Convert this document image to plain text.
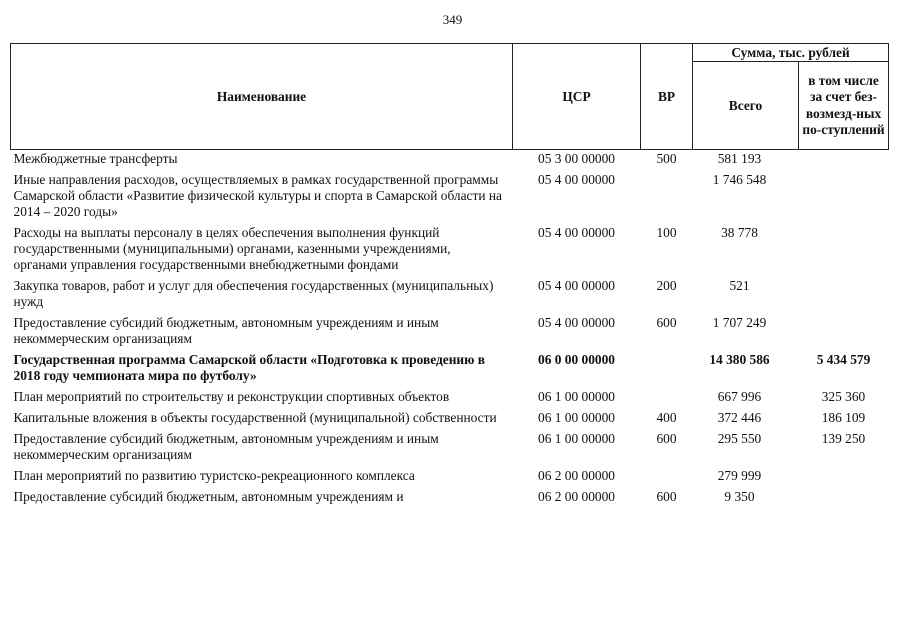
349
Наименование	ЦСР	ВР	Сумма, тыс. рублей	
			Всего	в том числе за счет без-возмезд-ных по-ступлений
Межбюджетные трансферты	05 3 00 00000	500	581 193	
Иные направления расходов, осуществляемых в рамках государственной программы Самарской области «Развитие физической культуры и спорта в Самарской области на 2014 – 2020 годы»	05 4 00 00000		1 746 548	
Расходы на выплаты персоналу в целях обеспечения выполнения функций государственными (муниципальными) органами, казенными учреждениями, органами управления государственными внебюджетными фондами	05 4 00 00000	100	38 778	
Закупка товаров, работ и услуг для обеспечения государственных (муниципальных) нужд	05 4 00 00000	200	521	
Предоставление субсидий бюджетным, автономным учреждениям и иным некоммерческим организациям	05 4 00 00000	600	1 707 249	
Государственная программа Самарской области «Подготовка к проведению в 2018 году чемпионата мира по футболу»	06 0 00 00000		14 380 586	5 434 579
План мероприятий по строительству и реконструкции спортивных объектов	06 1 00 00000		667 996	325 360
Капитальные вложения в объекты государственной (муниципальной) собственности	06 1 00 00000	400	372 446	186 109
Предоставление субсидий бюджетным, автономным учреждениям и иным некоммерческим организациям	06 1 00 00000	600	295 550	139 250
План мероприятий по развитию туристско-рекреационного комплекса	06 2 00 00000		279 999	
Предоставление субсидий бюджетным, автономным учреждениям и	06 2 00 00000	600	9 350	
